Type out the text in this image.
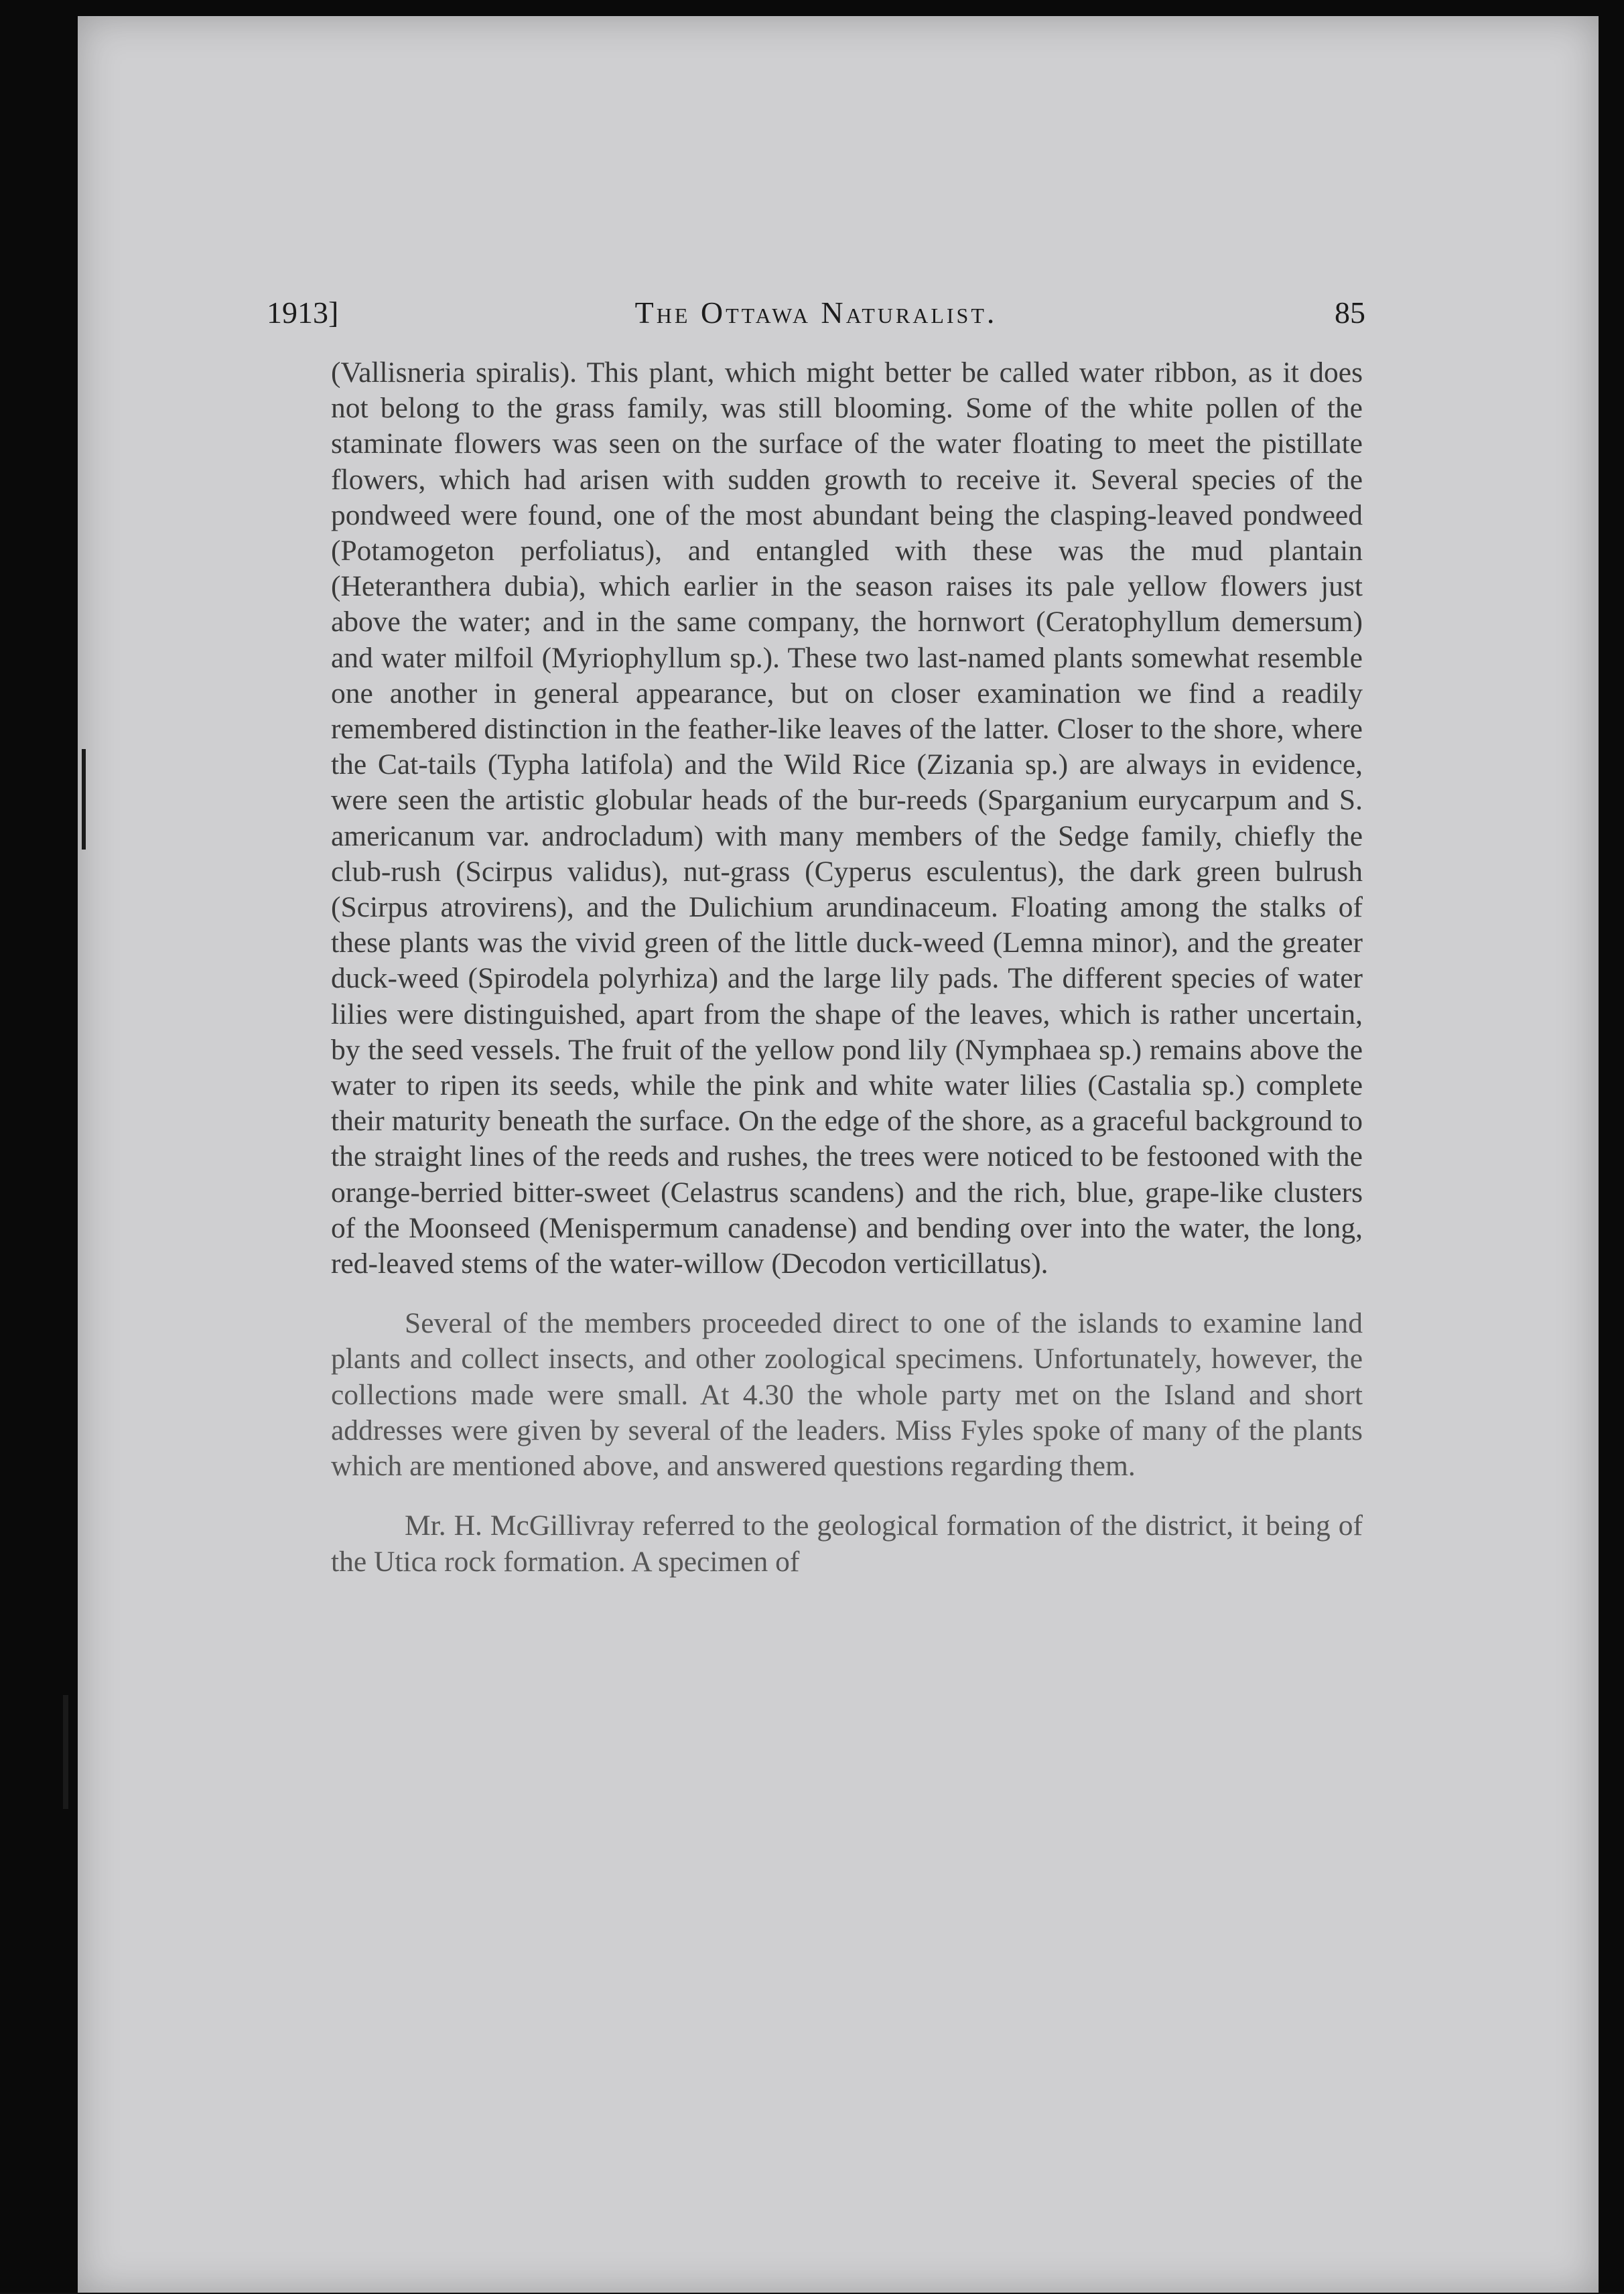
1913]	The Ottawa Naturalist.	85

(Vallisneria spiralis). This plant, which might better be called water ribbon, as it does not belong to the grass family, was still blooming. Some of the white pollen of the staminate flowers was seen on the surface of the water floating to meet the pistillate flowers, which had arisen with sudden growth to receive it. Several species of the pondweed were found, one of the most abundant being the clasping-leaved pondweed (Potamogeton perfoliatus), and entangled with these was the mud plantain (Heteranthera dubia), which earlier in the season raises its pale yellow flowers just above the water; and in the same company, the hornwort (Ceratophyllum demersum) and water milfoil (Myriophyllum sp.). These two last-named plants somewhat resemble one another in general appearance, but on closer examination we find a readily remembered distinction in the feather-like leaves of the latter. Closer to the shore, where the Cat-tails (Typha latifola) and the Wild Rice (Zizania sp.) are always in evidence, were seen the artistic globular heads of the bur-reeds (Sparganium eurycarpum and S. americanum var. androcladum) with many members of the Sedge family, chiefly the club-rush (Scirpus validus), nut-grass (Cyperus esculentus), the dark green bulrush (Scirpus atrovirens), and the Dulichium arundinaceum. Floating among the stalks of these plants was the vivid green of the little duck-weed (Lemna minor), and the greater duck-weed (Spirodela polyrhiza) and the large lily pads. The different species of water lilies were distinguished, apart from the shape of the leaves, which is rather uncertain, by the seed vessels. The fruit of the yellow pond lily (Nymphaea sp.) remains above the water to ripen its seeds, while the pink and white water lilies (Castalia sp.) complete their maturity beneath the surface. On the edge of the shore, as a graceful background to the straight lines of the reeds and rushes, the trees were noticed to be festooned with the orange-berried bitter-sweet (Celastrus scandens) and the rich, blue, grape-like clusters of the Moonseed (Menispermum canadense) and bending over into the water, the long, red-leaved stems of the water-willow (Decodon verticillatus).

Several of the members proceeded direct to one of the islands to examine land plants and collect insects, and other zoological specimens. Unfortunately, however, the collections made were small. At 4.30 the whole party met on the Island and short addresses were given by several of the leaders. Miss Fyles spoke of many of the plants which are mentioned above, and answered questions regarding them.

Mr. H. McGillivray referred to the geological formation of the district, it being of the Utica rock formation. A specimen of
